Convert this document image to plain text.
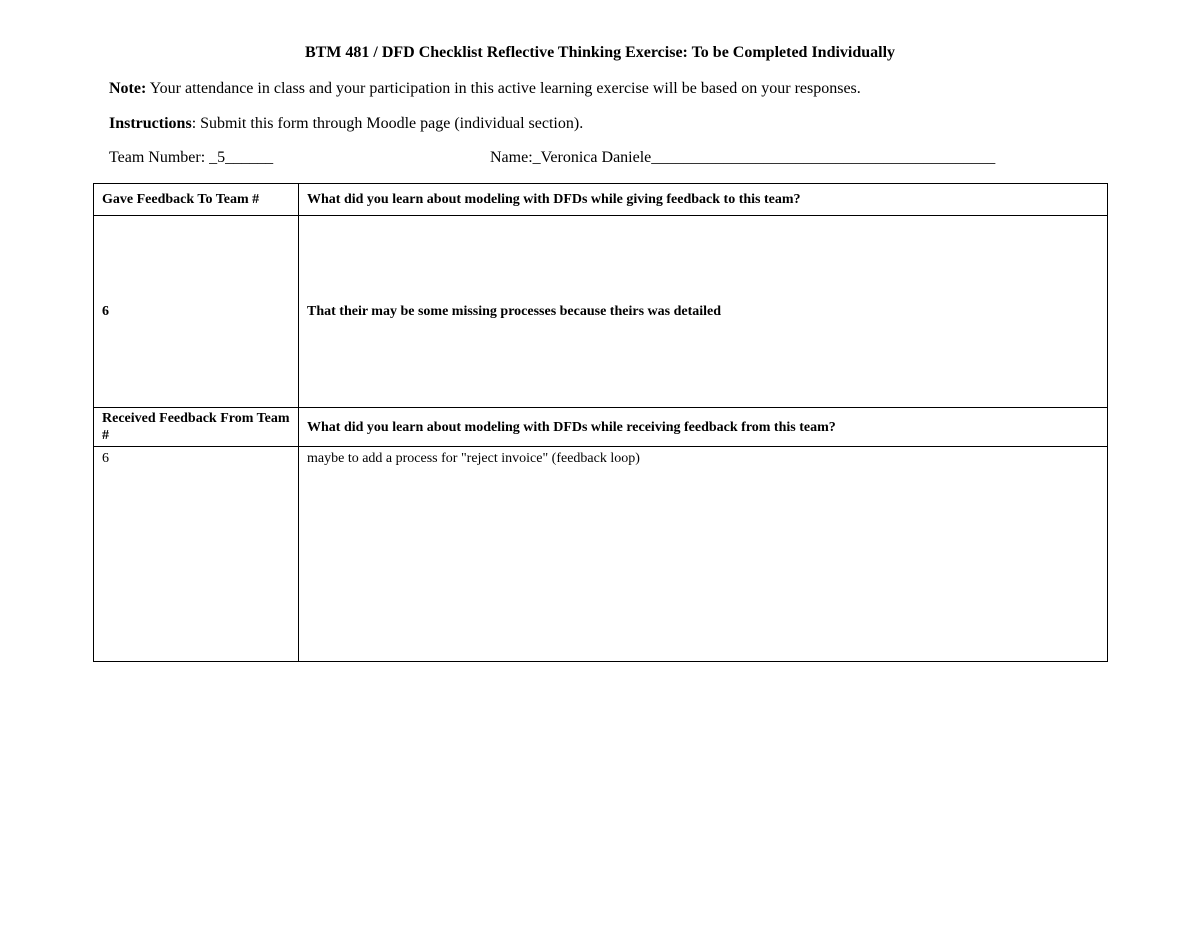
BTM 481 / DFD Checklist Reflective Thinking Exercise: To be Completed Individually
Note: Your attendance in class and your participation in this active learning exercise will be based on your responses.
Instructions: Submit this form through Moodle page (individual section).
Team Number: _5______	Name:_Veronica Daniele___________________________________________
Gave Feedback To Team #	What did you learn about modeling with DFDs while giving feedback to this team?
6	That their may be some missing processes because theirs was detailed
Received Feedback From Team #	What did you learn about modeling with DFDs while receiving feedback from this team?
6	maybe to add a process for "reject invoice" (feedback loop)
